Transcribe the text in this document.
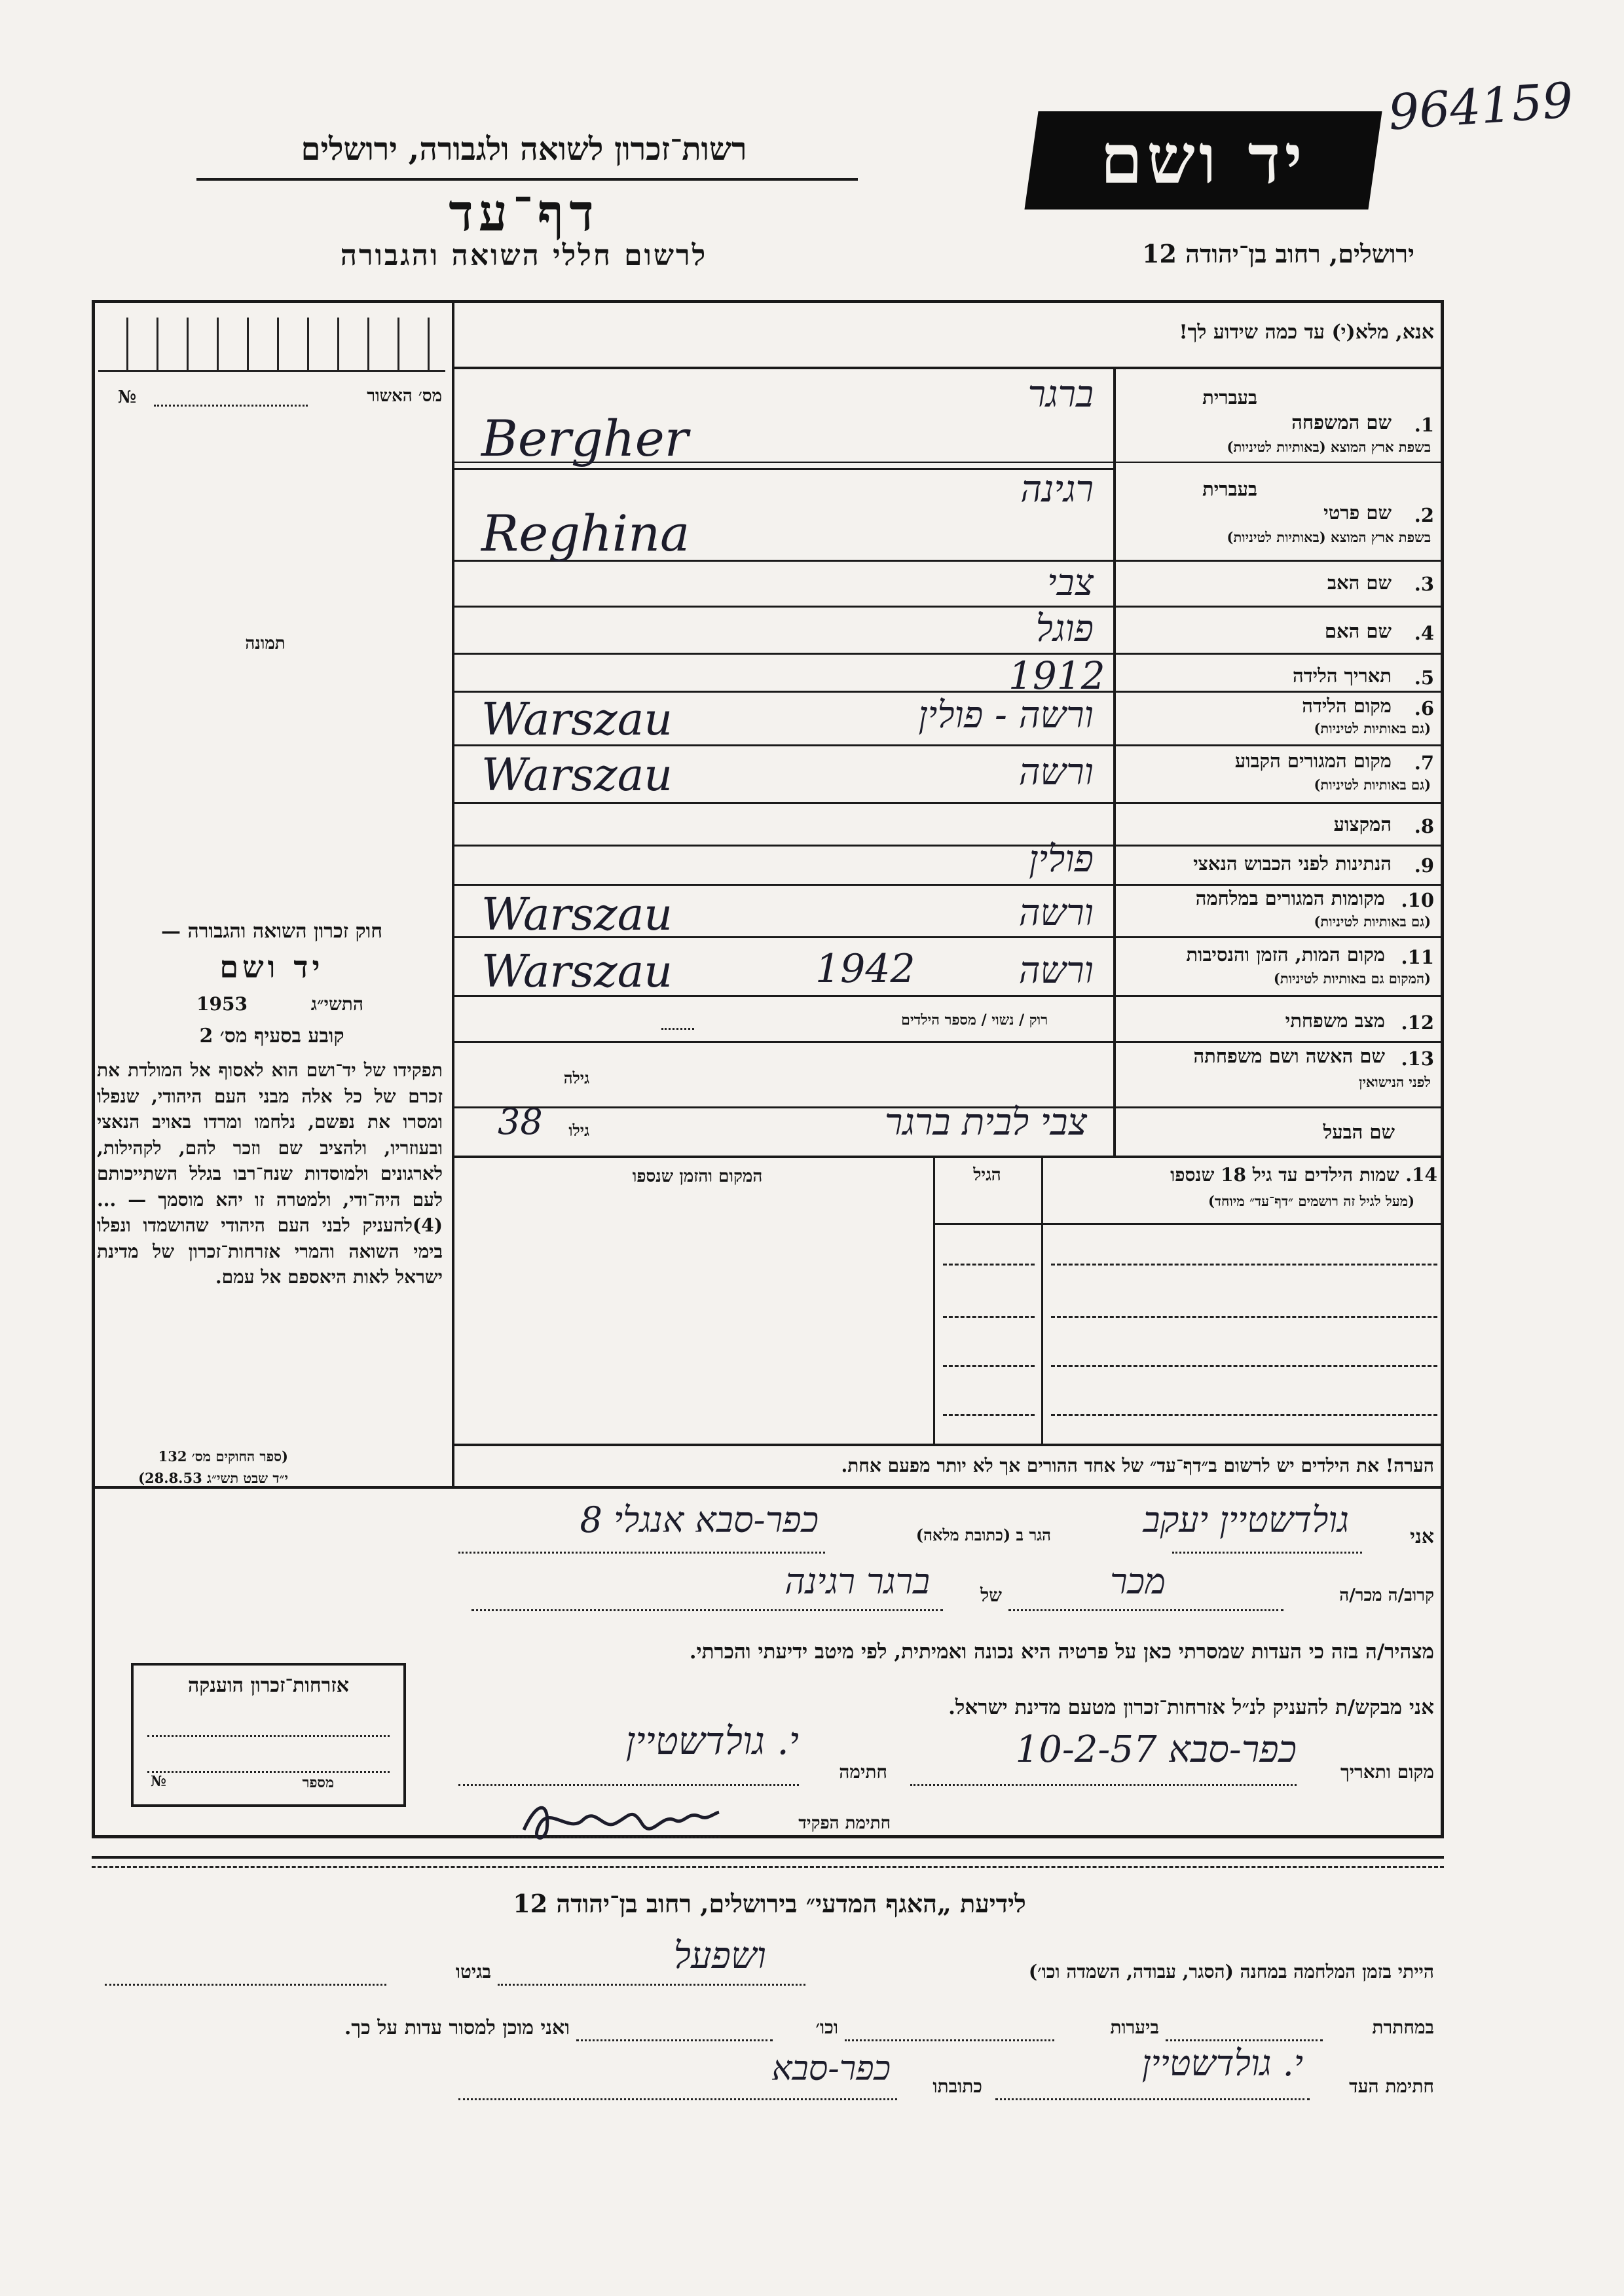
964159
רשות־זכרון לשואה ולגבורה, ירושלים
דף־עד
לרשום חללי השואה והגבורה
יד ושם
ירושלים, רחוב בן־יהודה 12
מס׳ האשור
№
תמונה
חוק זכרון השואה והגבורה —
יד ושם
התשי״ג
1953
קובע בסעיף מס׳ 2
תפקידו של יד־ושם הוא לאסוף אל המולדת את זכרם של כל אלה מבני העם היהודי, שנפלו ומסרו את נפשם, נלחמו ומרדו באויב הנאצי ובעוזריו, ולהציב שם וזכר להם, לקהילות, לארגונים ולמוסדות שנח־רבו בגלל השתייכותם לעם היה־ודי, ולמטרה זו יהא מוסמך — ...(4)להעניק לבני העם היהודי שהושמדו ונפלו בימי השואה והמרי אזרחות־זכרון של מדינת ישראל לאות היאספם אל עמם.
(ספר החוקים מס׳ 132
י״ד שבט תשי״ג 28.8.53)
אנא, מלא(י) עד כמה שידוע לך!
בעברית
1.
שם המשפחה
בשפת ארץ המוצא (באותיות לטיניות)
ברגר
Bergher
בעברית
2.
שם פרטי
בשפת ארץ המוצא (באותיות לטיניות)
רגינה
Reghina
3.
שם האב
צבי
4.
שם האם
פוגל
5.
תאריך הלידה
1912
6.
מקום הלידה
(גם באותיות לטיניות)
ורשה - פולין
Warszau
7.
מקום המגורים הקבוע
(גם באותיות לטיניות)
ורשה
Warszau
8.
המקצוע
9.
הנתינות לפני הכבוש הנאצי
פולין
10.
מקומות המגורים במלחמה
(גם באותיות לטיניות)
ורשה
Warszau
11.
מקום המות, הזמן והנסיבות
(המקום גם באותיות לטיניות)
ורשה
1942
Warszau
12.
מצב משפחתי
רוק / נשוי / מספר הילדים
13.
שם האשה ושם משפחתה
לפני הנישואין
גילה
שם הבעל
צבי לבית ברגר
גילו
38
14. שמות הילדים עד גיל 18 שנספו
(מעל לגיל זה רושמים ״דף־עד״ מיוחד)
הגיל
המקום והזמן שנספו
הערה! את הילדים יש לרשום ב״דף־עד״ של אחד ההורים אך לא יותר מפעם אחת.
אני
גולדשטיין יעקב
הגר ב (כתובת מלאה)
כפר-סבא אנגלי 8
קרוב/ה מכר/ה
מכר
של
ברגר רגינה
מצהיר/ה בזה כי העדות שמסרתי כאן על פרטיה היא נכונה ואמיתית, לפי מיטב ידיעתי והכרתי.
אזרחות־זכרון הוענקה
מספר
№
אני מבקש/ת להעניק לנ״ל אזרחות־זכרון מטעם מדינת ישראל.
מקום ותאריך
כפר-סבא 10-2-57
חתימה
י. גולדשטיין
חתימת הפקיד
לידיעת „האגף המדעי״ בירושלים, רחוב בן־יהודה 12
הייתי בזמן המלחמה במחנה (הסגר, עבודה, השמדה וכו׳)
ושפעל
בגיטו
במחתרת
ביערות
וכו׳
ואני מוכן למסור עדות על כך.
חתימת העד
י. גולדשטיין
כתובתו
כפר-סבא
